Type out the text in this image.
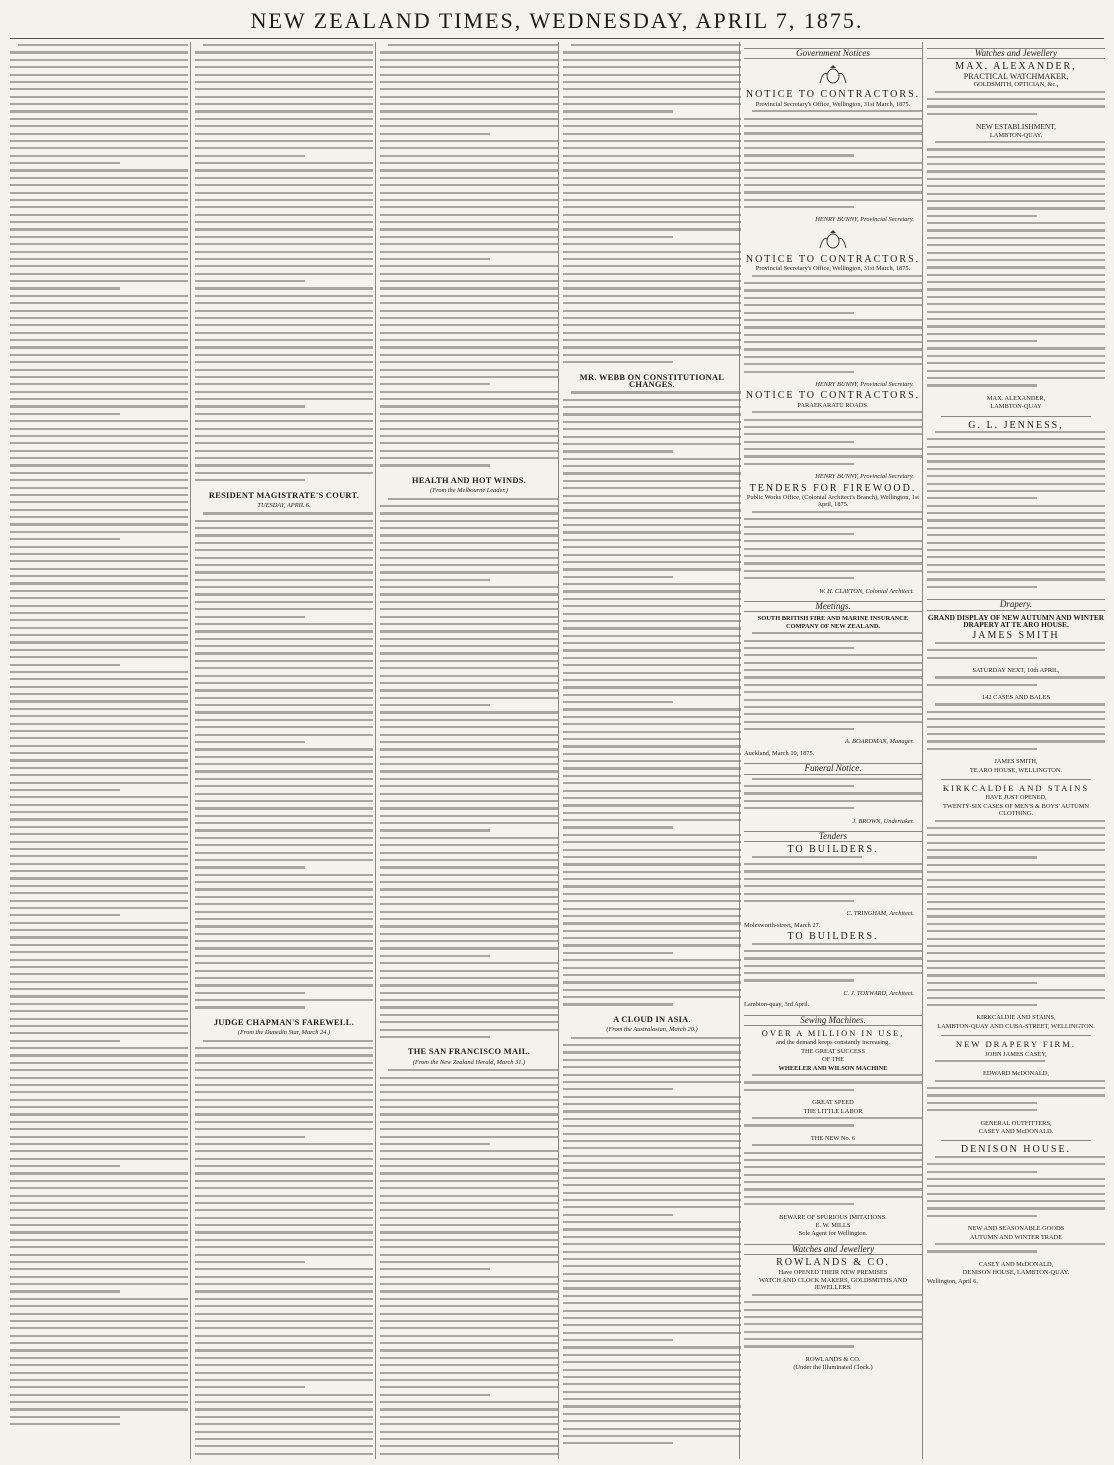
NEW ZEALAND TIMES, WEDNESDAY, APRIL 7, 1875.
RESIDENT MAGISTRATE'S COURT.
TUESDAY, APRIL 6.
JUDGE CHAPMAN'S FAREWELL.
(From the Dunedin Star, March 24.)
HEALTH AND HOT WINDS.
(From the Melbourne Leader.)
THE SAN FRANCISCO MAIL.
(From the New Zealand Herald, March 31.)
MR. WEBB ON CONSTITUTIONAL CHANGES.
A CLOUD IN ASIA.
(From the Australasian, March 20.)
Government Notices
NOTICE TO CONTRACTORS.
Provincial Secretary's Office, Wellington, 31st March, 1875.
HENRY BUNNY, Provincial Secretary.
NOTICE TO CONTRACTORS.
Provincial Secretary's Office, Wellington, 31st March, 1875.
HENRY BUNNY, Provincial Secretary.
NOTICE TO CONTRACTORS.
PARAEKARATU ROADS.
HENRY BUNNY, Provincial Secretary.
TENDERS FOR FIREWOOD.
Public Works Office, (Colonial Architect's Branch), Wellington, 1st April, 1875.
W. H. CLAYTON, Colonial Architect.
Meetings.
SOUTH BRITISH FIRE AND MARINE INSURANCE COMPANY OF NEW ZEALAND.
A. BOARDMAN, Manager.
Auckland, March 10, 1875.
Funeral Notice.
J. BROWN, Undertaker.
Tenders
TO BUILDERS.
C. TRINGHAM, Architect.
Molesworth-street, March 27.
TO BUILDERS.
C. J. TOXWARD, Architect.
Lambton-quay, 3rd April.
Sewing Machines.
OVER A MILLION IN USE,
and the demand keeps constantly increasing.
THE GREAT SUCCESS
OF THE
WHEELER AND WILSON MACHINE
GREAT SPEED
THE LITTLE LABOR
THE NEW No. 6
BEWARE OF SPURIOUS IMITATIONS.
E. W. MILLS
Sole Agent for Wellington.
Watches and Jewellery
ROWLANDS & CO.
Have OPENED THEIR NEW PREMISES
WATCH AND CLOCK MAKERS, GOLDSMITHS AND JEWELLERS.
ROWLANDS & CO.
(Under the Illuminated Clock.)
Watches and Jewellery
MAX. ALEXANDER,
PRACTICAL WATCHMAKER,
GOLDSMITH, OPTICIAN, &c.,
NEW ESTABLISHMENT,
LAMBTON-QUAY.
MAX. ALEXANDER,
LAMBTON-QUAY
G. L. JENNESS,
Drapery.
GRAND DISPLAY OF NEW AUTUMN AND WINTER DRAPERY AT TE ARO HOUSE.
JAMES SMITH
SATURDAY NEXT, 10th APRIL,
142 CASES AND BALES
JAMES SMITH,
TE ARO HOUSE, WELLINGTON.
KIRKCALDIE AND STAINS
HAVE JUST OPENED,
TWENTY-SIX CASES OF MEN'S & BOYS' AUTUMN CLOTHING.
KIRKCALDIE AND STAINS,
LAMBTON-QUAY AND CUBA-STREET, WELLINGTON.
NEW DRAPERY FIRM.
JOHN JAMES CASEY,
EDWARD McDONALD,
GENERAL OUTFITTERS,
CASEY AND McDONALD.
DENISON HOUSE.
NEW AND SEASONABLE GOODS
AUTUMN AND WINTER TRADE
CASEY AND McDONALD,
DENISON HOUSE, LAMBTON-QUAY.
Wellington, April 6.
